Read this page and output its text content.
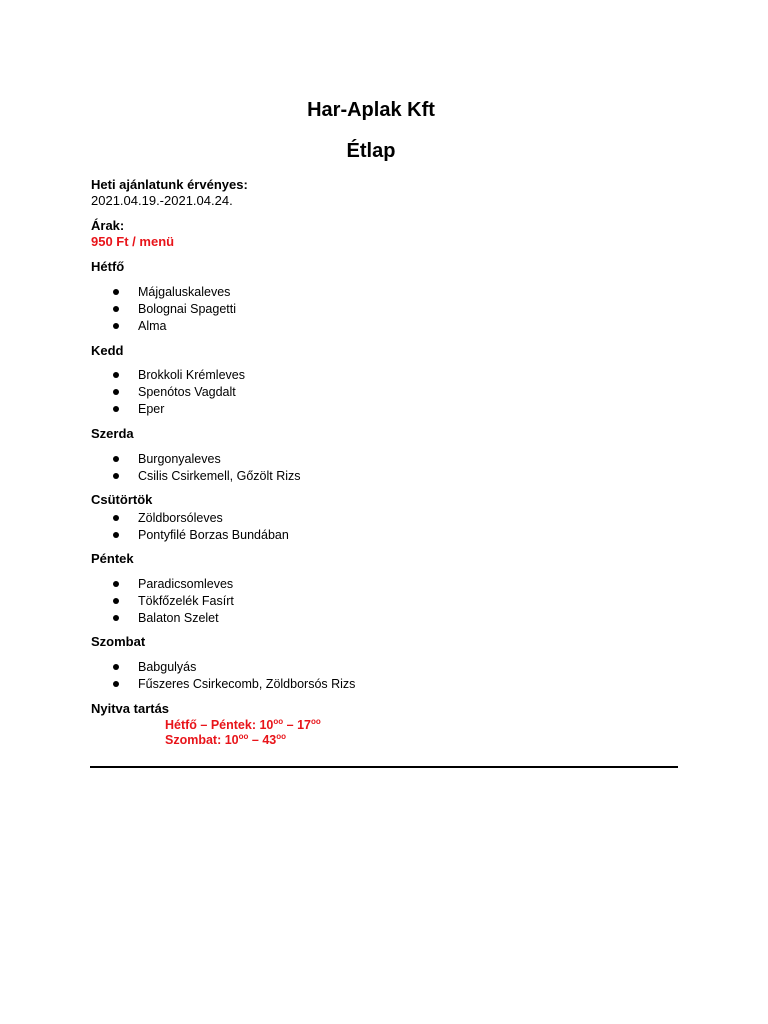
Har-Aplak Kft
Étlap

Heti ajánlatunk érvényes:

2021.04.19.-2021.04.24.

Árak:

950 Ft / menü

Hétfő
Májgaluskaleves
Bolognai Spagetti
Alma
Kedd
Brokkoli Krémleves
Spenótos Vagdalt
Eper
Szerda
Burgonyaleves
Csilis Csirkemell, Gőzölt Rizs
Csütörtök
Zöldborsóleves
Pontyfilé Borzas Bundában
Péntek
Paradicsomleves
Tökfőzelék Fasírt
Balaton Szelet
Szombat
Babgulyás
Fűszeres Csirkecomb, Zöldborsós Rizs

Nyitva tartás

Hétfő – Péntek: $10^{oo} - 17^{oo}$

Szombat: $10^{oo} - 43^{oo}$
